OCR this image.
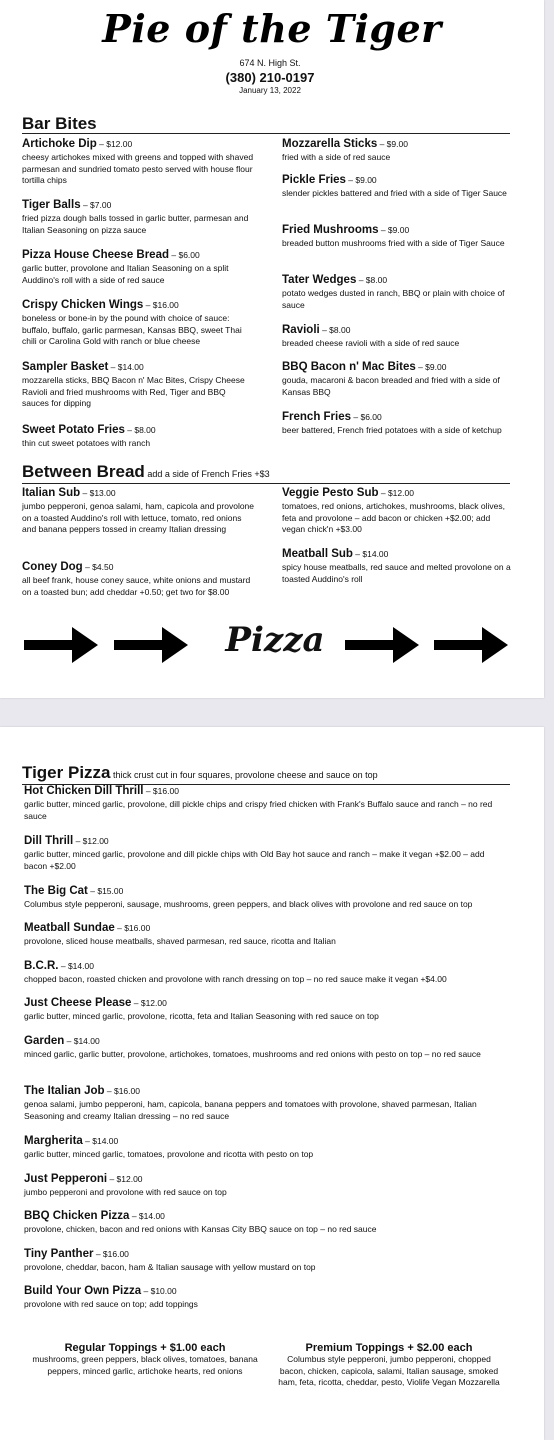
Pie of the Tiger
674 N. High St.
(380) 210-0197
January 13, 2022
Bar Bites
Artichoke Dip – $12.00
cheesy artichokes mixed with greens and topped with shaved parmesan and sundried tomato pesto served with house flour tortilla chips
Tiger Balls – $7.00
fried pizza dough balls tossed in garlic butter, parmesan and Italian Seasoning on pizza sauce
Pizza House Cheese Bread – $6.00
garlic butter, provolone and Italian Seasoning on a split Auddino's roll with a side of red sauce
Crispy Chicken Wings – $16.00
boneless or bone-in by the pound with choice of sauce: buffalo, buffalo, garlic parmesan, Kansas BBQ, sweet Thai chili or Carolina Gold with ranch or blue cheese
Sampler Basket – $14.00
mozzarella sticks, BBQ Bacon n' Mac Bites, Crispy Cheese Ravioli and fried mushrooms with Red, Tiger and BBQ sauces for dipping
Sweet Potato Fries – $8.00
thin cut sweet potatoes with ranch
Mozzarella Sticks – $9.00
fried with a side of red sauce
Pickle Fries – $9.00
slender pickles battered and fried with a side of Tiger Sauce
Fried Mushrooms – $9.00
breaded button mushrooms fried with a side of Tiger Sauce
Tater Wedges – $8.00
potato wedges dusted in ranch, BBQ or plain with choice of sauce
Ravioli – $8.00
breaded cheese ravioli with a side of red sauce
BBQ Bacon n' Mac Bites – $9.00
gouda, macaroni & bacon breaded and fried with a side of Kansas BBQ
French Fries – $6.00
beer battered, French fried potatoes with a side of ketchup
Between Bread add a side of French Fries +$3
Italian Sub – $13.00
jumbo pepperoni, genoa salami, ham, capicola and provolone on a toasted Auddino's roll with lettuce, tomato, red onions and banana peppers tossed in creamy Italian dressing
Coney Dog – $4.50
all beef frank, house coney sauce, white onions and mustard on a toasted bun; add cheddar +0.50; get two for $8.00
Veggie Pesto Sub – $12.00
tomatoes, red onions, artichokes, mushrooms, black olives, feta and provolone – add bacon or chicken +$2.00; add vegan chick'n +$3.00
Meatball Sub – $14.00
spicy house meatballs, red sauce and melted provolone on a toasted Auddino's roll
Pizza
Tiger Pizza thick crust cut in four squares, provolone cheese and sauce on top
Hot Chicken Dill Thrill – $16.00
garlic butter, minced garlic, provolone, dill pickle chips and crispy fried chicken with Frank's Buffalo sauce and ranch – no red sauce
Dill Thrill – $12.00
garlic butter, minced garlic, provolone and dill pickle chips with Old Bay hot sauce and ranch – make it vegan +$2.00 – add bacon +$2.00
The Big Cat – $15.00
Columbus style pepperoni, sausage, mushrooms, green peppers, and black olives with provolone and red sauce on top
Meatball Sundae – $16.00
provolone, sliced house meatballs, shaved parmesan, red sauce, ricotta and Italian
B.C.R. – $14.00
chopped bacon, roasted chicken and provolone with ranch dressing on top – no red sauce make it vegan +$4.00
Just Cheese Please – $12.00
garlic butter, minced garlic, provolone, ricotta, feta and Italian Seasoning with red sauce on top
Garden – $14.00
minced garlic, garlic butter, provolone, artichokes, tomatoes, mushrooms and red onions with pesto on top – no red sauce
The Italian Job – $16.00
genoa salami, jumbo pepperoni, ham, capicola, banana peppers and tomatoes with provolone, shaved parmesan, Italian Seasoning and creamy Italian dressing – no red sauce
Margherita – $14.00
garlic butter, minced garlic, tomatoes, provolone and ricotta with pesto on top
Just Pepperoni – $12.00
jumbo pepperoni and provolone with red sauce on top
BBQ Chicken Pizza – $14.00
provolone, chicken, bacon and red onions with Kansas City BBQ sauce on top – no red sauce
Tiny Panther – $16.00
provolone, cheddar, bacon, ham & Italian sausage with yellow mustard on top
Build Your Own Pizza – $10.00
provolone with red sauce on top; add toppings
Regular Toppings + $1.00 each
mushrooms, green peppers, black olives, tomatoes, banana peppers, minced garlic, artichoke hearts, red onions
Premium Toppings + $2.00 each
Columbus style pepperoni, jumbo pepperoni, chopped bacon, chicken, capicola, salami, Italian sausage, smoked ham, feta, ricotta, cheddar, pesto, Violife Vegan Mozzarella
